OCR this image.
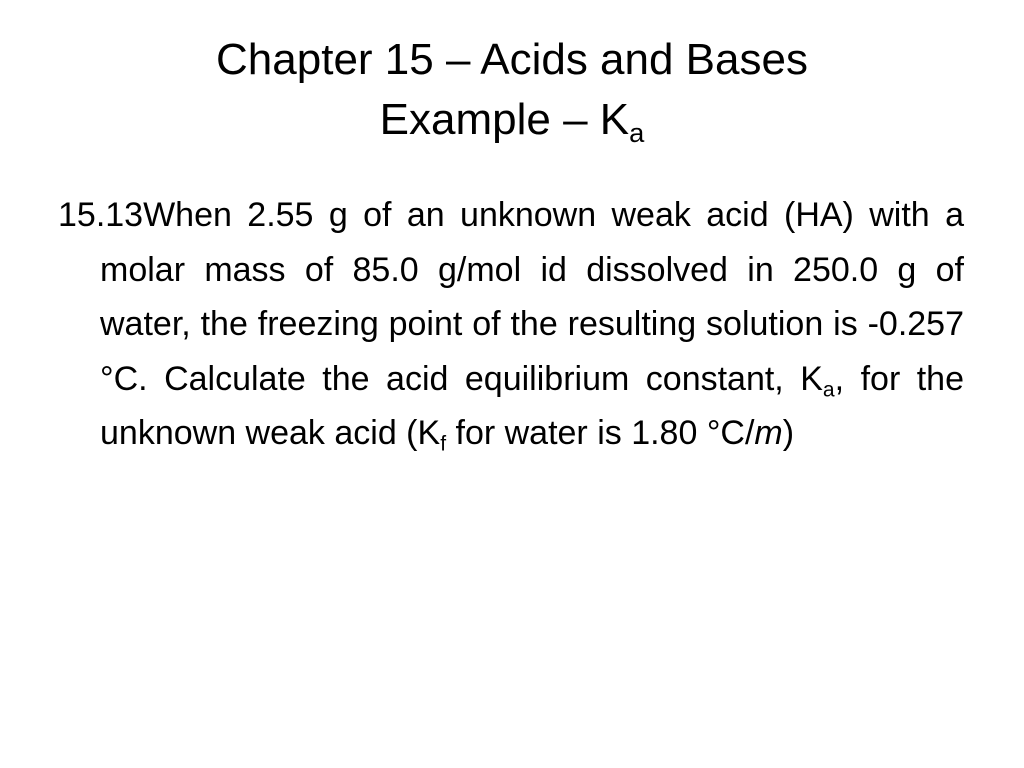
Chapter 15 – Acids and Bases
Example – $K_a$
15.13When 2.55 g of an unknown weak acid (HA) with a molar mass of 85.0 g/mol id dissolved in 250.0 g of water, the freezing point of the resulting solution is -0.257 °C. Calculate the acid equilibrium constant, $K_a$, for the unknown weak acid ($K_f$ for water is 1.80 °C/m)
